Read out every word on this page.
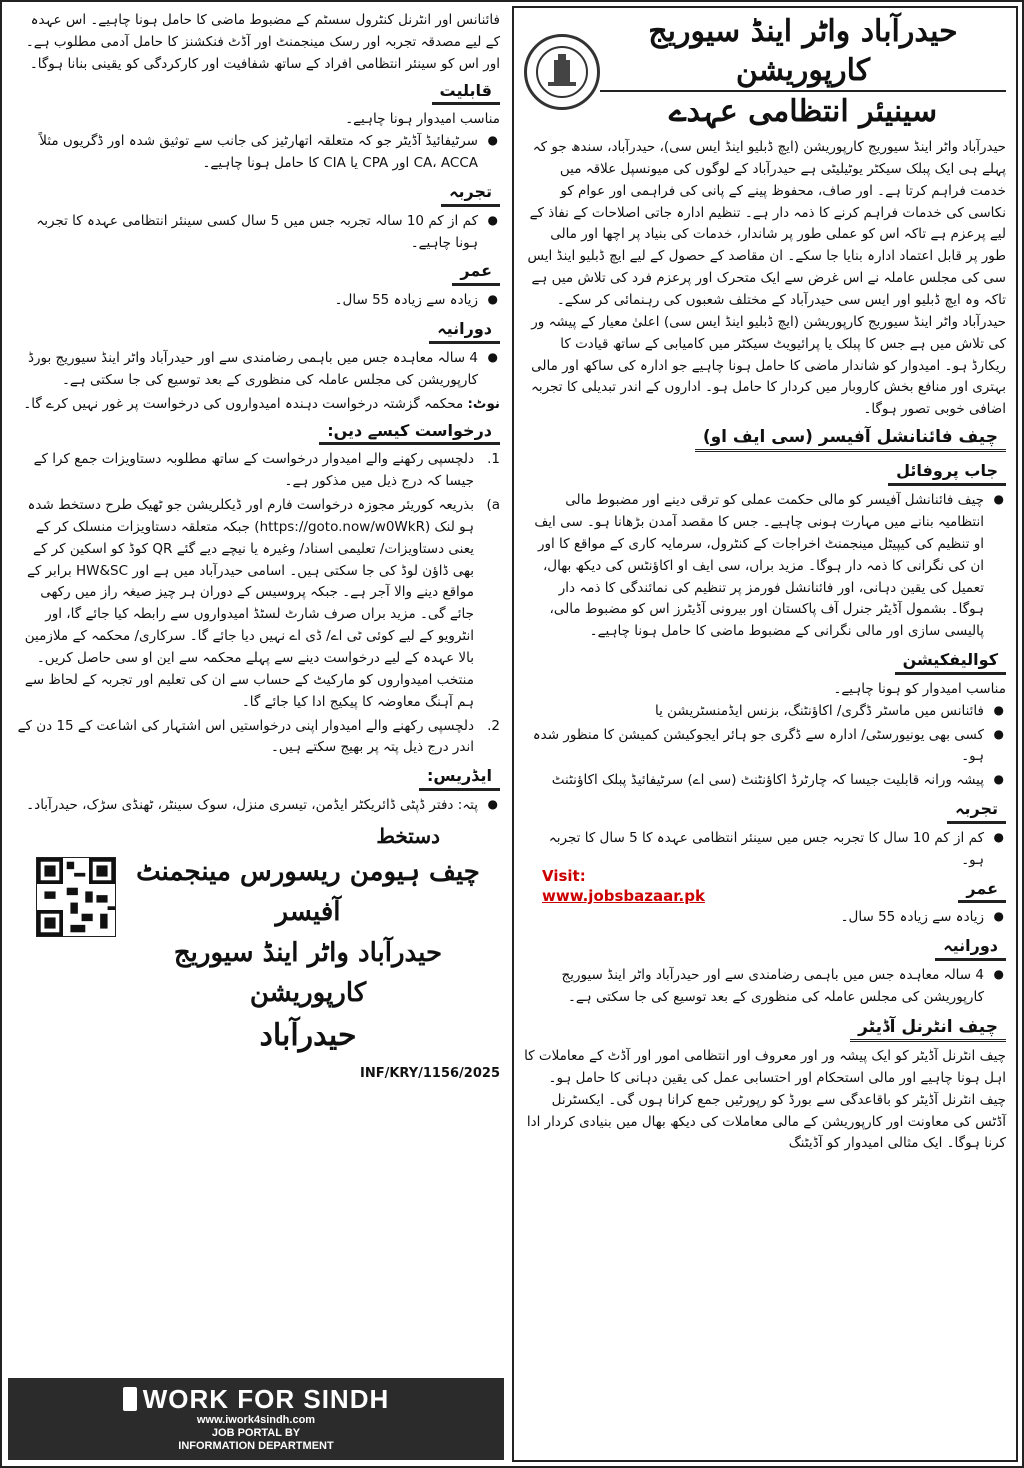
حیدرآباد واٹر اینڈ سیوریج کارپوریشن
سینیئر انتظامی عہدے

حیدرآباد واٹر اینڈ سیوریج کارپوریشن (ایچ ڈبلیو اینڈ ایس سی)، حیدرآباد، سندھ جو کہ پہلے ہی ایک پبلک سیکٹر یوٹیلیٹی ہے حیدرآباد کے لوگوں کی میونسپل علاقہ میں خدمت فراہم کرتا ہے۔ اور صاف، محفوظ پینے کے پانی کی فراہمی اور عوام کو نکاسی کی خدمات فراہم کرنے کا ذمہ دار ہے۔ تنظیم ادارہ جاتی اصلاحات کے نفاذ کے لیے پرعزم ہے تاکہ اس کو عملی طور پر شاندار، خدمات کی بنیاد پر اچھا اور مالی طور پر قابل اعتماد ادارہ بنایا جا سکے۔ ان مقاصد کے حصول کے لیے ایچ ڈبلیو اینڈ ایس سی کی مجلس عاملہ نے اس غرض سے ایک متحرک اور پرعزم فرد کی تلاش میں ہے تاکہ وہ ایچ ڈبلیو اور ایس سی حیدرآباد کے مختلف شعبوں کی رہنمائی کر سکے۔ حیدرآباد واٹر اینڈ سیوریج کارپوریشن (ایچ ڈبلیو اینڈ ایس سی) اعلیٰ معیار کے پیشہ ور کی تلاش میں ہے جس کا پبلک یا پرائیویٹ سیکٹر میں کامیابی کے ساتھ قیادت کا ریکارڈ ہو۔ امیدوار کو شاندار ماضی کا حامل ہونا چاہیے جو ادارہ کی ساکھ اور مالی بہتری اور منافع بخش کاروبار میں کردار کا حامل ہو۔ اداروں کے اندر تبدیلی کا تجربہ اضافی خوبی تصور ہوگا۔

چیف فائنانشل آفیسر (سی ایف او)
جاب پروفائل
● چیف فائنانشل آفیسر کو مالی حکمت عملی کو ترقی دینے اور مضبوط مالی انتظامیہ بنانے میں مہارت ہونی چاہیے۔ جس کا مقصد آمدن بڑھانا ہو۔ سی ایف او تنظیم کی کیپیٹل مینجمنٹ اخراجات کے کنٹرول، سرمایہ کاری کے مواقع کا اور ان کی نگرانی کا ذمہ دار ہوگا۔ مزید براں، سی ایف او اکاؤنٹس کی دیکھ بھال، تعمیل کی یقین دہانی، اور فائنانشل فورمز پر تنظیم کی نمائندگی کا ذمہ دار ہوگا۔ بشمول آڈیٹر جنرل آف پاکستان اور بیرونی آڈیٹرز اس کو مضبوط مالی، پالیسی سازی اور مالی نگرانی کے مضبوط ماضی کا حامل ہونا چاہیے۔
کوالیفکیشن

مناسب امیدوار کو ہونا چاہیے۔

● فائنانس میں ماسٹر ڈگری/ اکاؤنٹنگ، بزنس ایڈمنسٹریشن یا
● کسی بھی یونیورسٹی/ ادارہ سے ڈگری جو ہائر ایجوکیشن کمیشن کا منظور شدہ ہو۔
● پیشہ ورانہ قابلیت جیسا کہ چارٹرڈ اکاؤنٹنٹ (سی اے) سرٹیفائیڈ پبلک اکاؤنٹنٹ
تجربہ
● کم از کم 10 سال کا تجربہ جس میں سینئر انتظامی عہدہ کا 5 سال کا تجربہ ہو۔
عمر
● زیادہ سے زیادہ 55 سال۔
دورانیہ
● 4 سالہ معاہدہ جس میں باہمی رضامندی سے اور حیدرآباد واٹر اینڈ سیوریج کارپوریشن کی مجلس عاملہ کی منظوری کے بعد توسیع کی جا سکتی ہے۔
چیف انٹرنل آڈیٹر

چیف انٹرنل آڈیٹر کو ایک پیشہ ور اور معروف اور انتظامی امور اور آڈٹ کے معاملات کا اہل ہونا چاہیے اور مالی استحکام اور احتسابی عمل کی یقین دہانی کا حامل ہو۔ چیف انٹرنل آڈیٹر کو باقاعدگی سے بورڈ کو رپورٹیں جمع کرانا ہوں گی۔ ایکسٹرنل آڈٹس کی معاونت اور کارپوریشن کے مالی معاملات کی دیکھ بھال میں بنیادی کردار ادا کرنا ہوگا۔ ایک مثالی امیدوار کو آڈیٹنگ

فائنانس اور انٹرنل کنٹرول سسٹم کے مضبوط ماضی کا حامل ہونا چاہیے۔ اس عہدہ کے لیے مصدقہ تجربہ اور رسک مینجمنٹ اور آڈٹ فنکشنز کا حامل آدمی مطلوب ہے۔ اور اس کو سینئر انتظامی افراد کے ساتھ شفافیت اور کارکردگی کو یقینی بنانا ہوگا۔

قابلیت

مناسب امیدوار ہونا چاہیے۔

● سرٹیفائیڈ آڈیٹر جو کہ متعلقہ اتھارٹیز کی جانب سے توثیق شدہ اور ڈگریوں مثلاً CA، ACCA اور CPA یا CIA کا حامل ہونا چاہیے۔
تجربہ
● کم از کم 10 سالہ تجربہ جس میں 5 سال کسی سینئر انتظامی عہدہ کا تجربہ ہونا چاہیے۔
عمر
● زیادہ سے زیادہ 55 سال۔
دورانیہ
● 4 سالہ معاہدہ جس میں باہمی رضامندی سے اور حیدرآباد واٹر اینڈ سیوریج بورڈ کارپوریشن کی مجلس عاملہ کی منظوری کے بعد توسیع کی جا سکتی ہے۔

نوٹ: محکمہ گزشتہ درخواست دہندہ امیدواروں کی درخواست پر غور نہیں کرے گا۔

درخواست کیسے دیں:
1.
دلچسپی رکھنے والے امیدوار درخواست کے ساتھ مطلوبہ دستاویزات جمع کرا کے جیسا کہ درج ذیل میں مذکور ہے۔
a)
بذریعہ کوریئر مجوزہ درخواست فارم اور ڈیکلریشن جو ٹھیک طرح دستخط شدہ ہو لنک (https://goto.now/w0WkR) جبکہ متعلقہ دستاویزات منسلک کر کے یعنی دستاویزات/ تعلیمی اسناد/ وغیرہ یا نیچے دیے گئے QR کوڈ کو اسکین کر کے بھی ڈاؤن لوڈ کی جا سکتی ہیں۔ اسامی حیدرآباد میں ہے اور HW&SC برابر کے مواقع دینے والا آجر ہے۔ جبکہ پروسیس کے دوران ہر چیز صیغہ راز میں رکھی جائے گی۔ مزید براں صرف شارٹ لسٹڈ امیدواروں سے رابطہ کیا جائے گا، اور انٹرویو کے لیے کوئی ٹی اے/ ڈی اے نہیں دیا جائے گا۔ سرکاری/ محکمہ کے ملازمین بالا عہدہ کے لیے درخواست دینے سے پہلے محکمہ سے این او سی حاصل کریں۔ منتخب امیدواروں کو مارکیٹ کے حساب سے ان کی تعلیم اور تجربہ کے لحاظ سے ہم آہنگ معاوضہ کا پیکیج ادا کیا جائے گا۔
2.
دلچسپی رکھنے والے امیدوار اپنی درخواستیں اس اشتہار کی اشاعت کے 15 دن کے اندر درج ذیل پتہ پر بھیج سکتے ہیں۔
ایڈریس:
● پتہ: دفتر ڈپٹی ڈائریکٹر ایڈمن، تیسری منزل، سوک سینٹر، ٹھنڈی سڑک، حیدرآباد۔
دستخط
چیف ہیومن ریسورس مینجمنٹ آفیسر
حیدرآباد واٹر اینڈ سیوریج کارپوریشن
حیدرآباد
INF/KRY/1156/2025
Visit:
www.jobsbazaar.pk
WORK FOR SINDH
www.iwork4sindh.com
JOB PORTAL BY
INFORMATION DEPARTMENT
